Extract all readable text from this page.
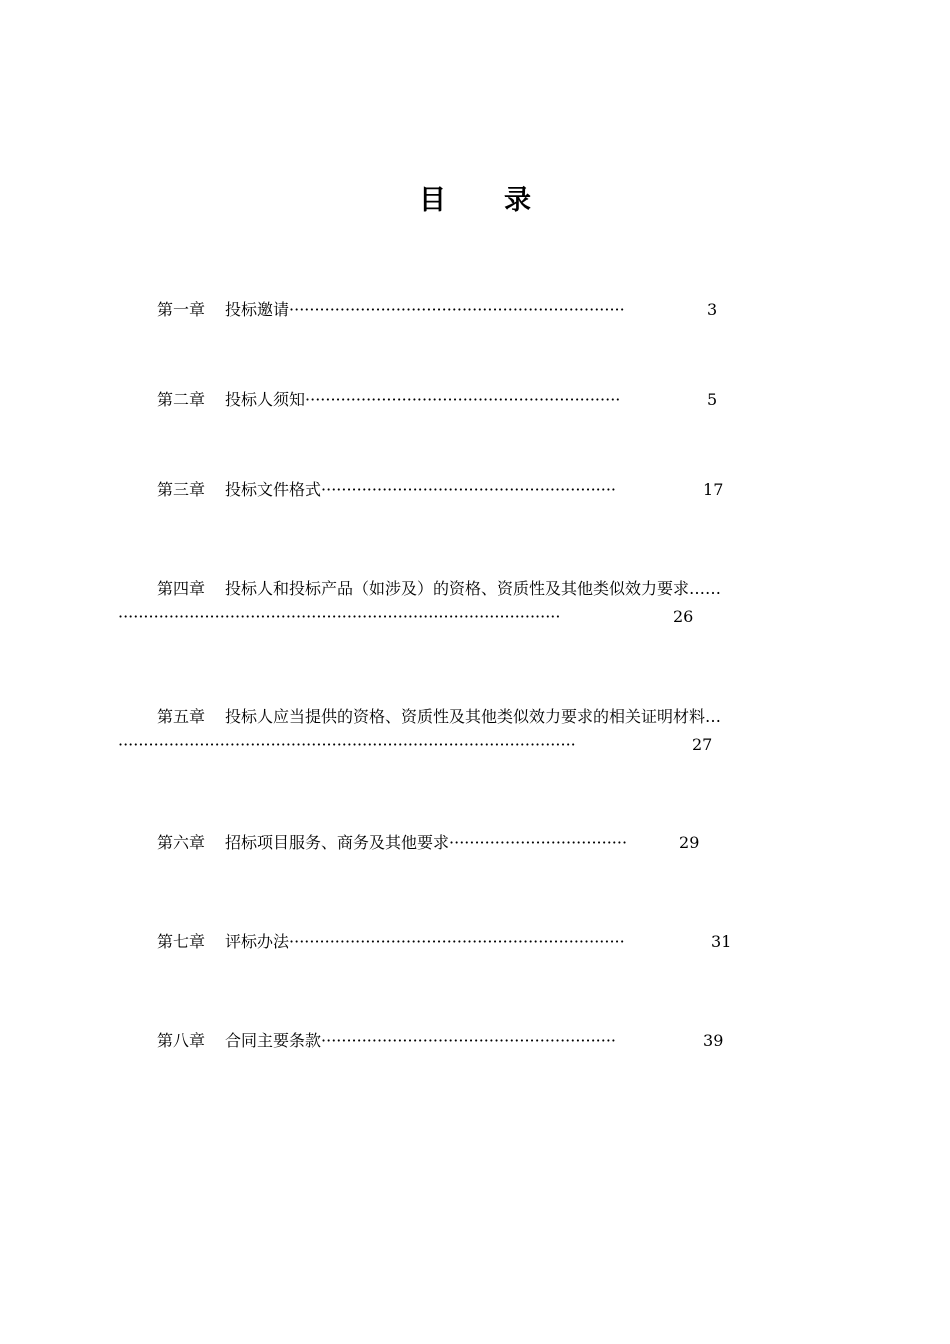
目 录
第一章 投标邀请··································································	3
第二章 投标人须知······························································	5
第三章 投标文件格式··························································	17
第四章 投标人和投标产品（如涉及）的资格、资质性及其他类似效力要求……
·······················································································	26
第五章 投标人应当提供的资格、资质性及其他类似效力要求的相关证明材料…
··························································································	27
第六章 招标项目服务、商务及其他要求···································	29
第七章 评标办法··································································	31
第八章 合同主要条款··························································	39
